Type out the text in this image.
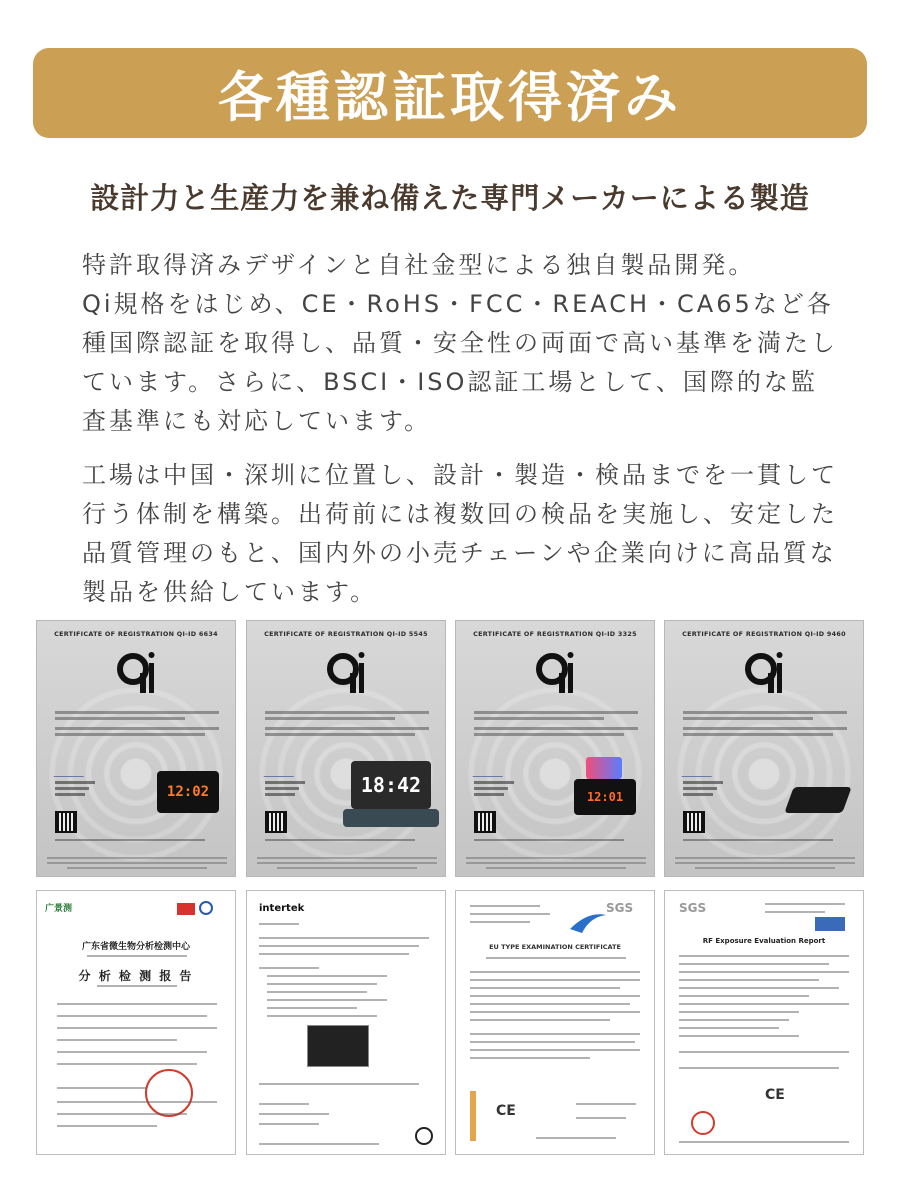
各種認証取得済み
設計力と生産力を兼ね備えた専門メーカーによる製造
特許取得済みデザインと自社金型による独自製品開発。
Qi規格をはじめ、CE・RoHS・FCC・REACH・CA65など各
種国際認証を取得し、品質・安全性の両面で高い基準を満たし
ています。さらに、BSCI・ISO認証工場として、国際的な監
査基準にも対応しています。
工場は中国・深圳に位置し、設計・製造・検品までを一貫して
行う体制を構築。出荷前には複数回の検品を実施し、安定した
品質管理のもと、国内外の小売チェーンや企業向けに高品質な
製品を供給しています。
CERTIFICATE OF REGISTRATION QI-ID 6634
12:02
CERTIFICATE OF REGISTRATION QI-ID 5545
18:42
CERTIFICATE OF REGISTRATION QI-ID 3325
12:01
CERTIFICATE OF REGISTRATION QI-ID 9460
广景测
广东省微生物分析检测中心
分 析 检 测 报 告
intertek	SGS
EU TYPE EXAMINATION CERTIFICATE
CE
SGS
RF Exposure Evaluation Report
CE
